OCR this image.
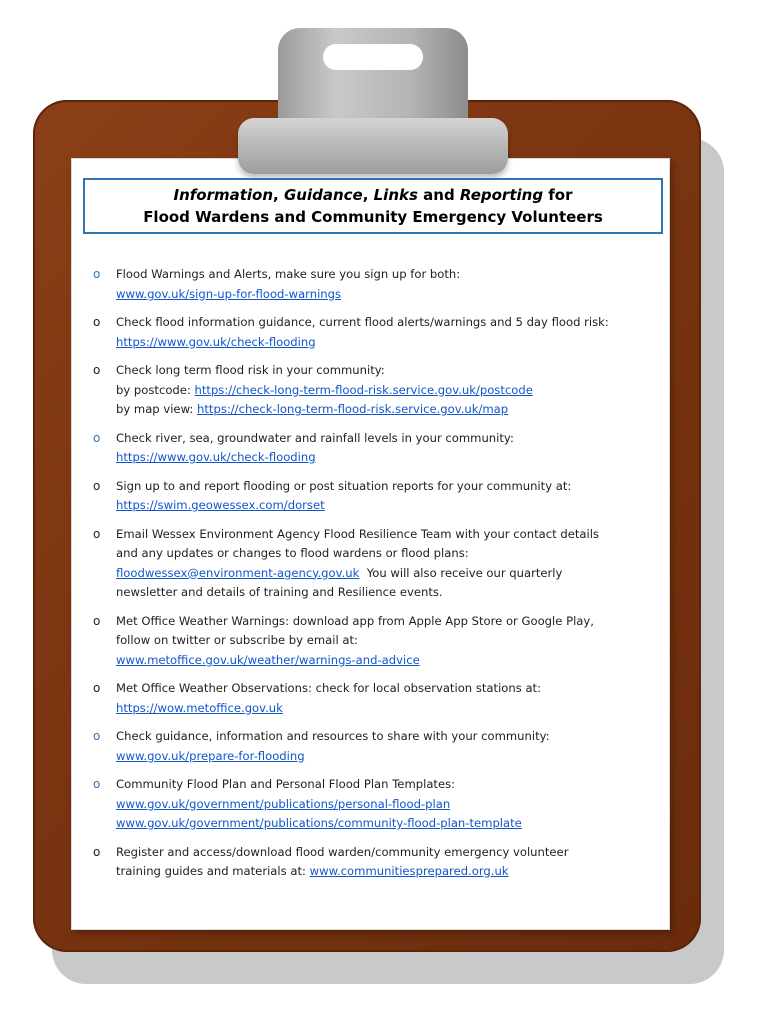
Information, Guidance, Links and Reporting for
Flood Wardens and Community Emergency Volunteers
o Flood Warnings and Alerts, make sure you sign up for both:
www.gov.uk/sign-up-for-flood-warnings
o Check flood information guidance, current flood alerts/warnings and 5 day flood risk:
https://www.gov.uk/check-flooding
o Check long term flood risk in your community:
by postcode: https://check-long-term-flood-risk.service.gov.uk/postcode
by map view: https://check-long-term-flood-risk.service.gov.uk/map
o Check river, sea, groundwater and rainfall levels in your community:
https://www.gov.uk/check-flooding
o Sign up to and report flooding or post situation reports for your community at:
https://swim.geowessex.com/dorset
o Email Wessex Environment Agency Flood Resilience Team with your contact details
and any updates or changes to flood wardens or flood plans:
floodwessex@environment-agency.gov.uk  You will also receive our quarterly
newsletter and details of training and Resilience events.
o Met Office Weather Warnings: download app from Apple App Store or Google Play,
follow on twitter or subscribe by email at:
www.metoffice.gov.uk/weather/warnings-and-advice
o Met Office Weather Observations: check for local observation stations at:
https://wow.metoffice.gov.uk
o Check guidance, information and resources to share with your community:
www.gov.uk/prepare-for-flooding
o Community Flood Plan and Personal Flood Plan Templates:
www.gov.uk/government/publications/personal-flood-plan
www.gov.uk/government/publications/community-flood-plan-template
o Register and access/download flood warden/community emergency volunteer
training guides and materials at: www.communitiesprepared.org.uk
